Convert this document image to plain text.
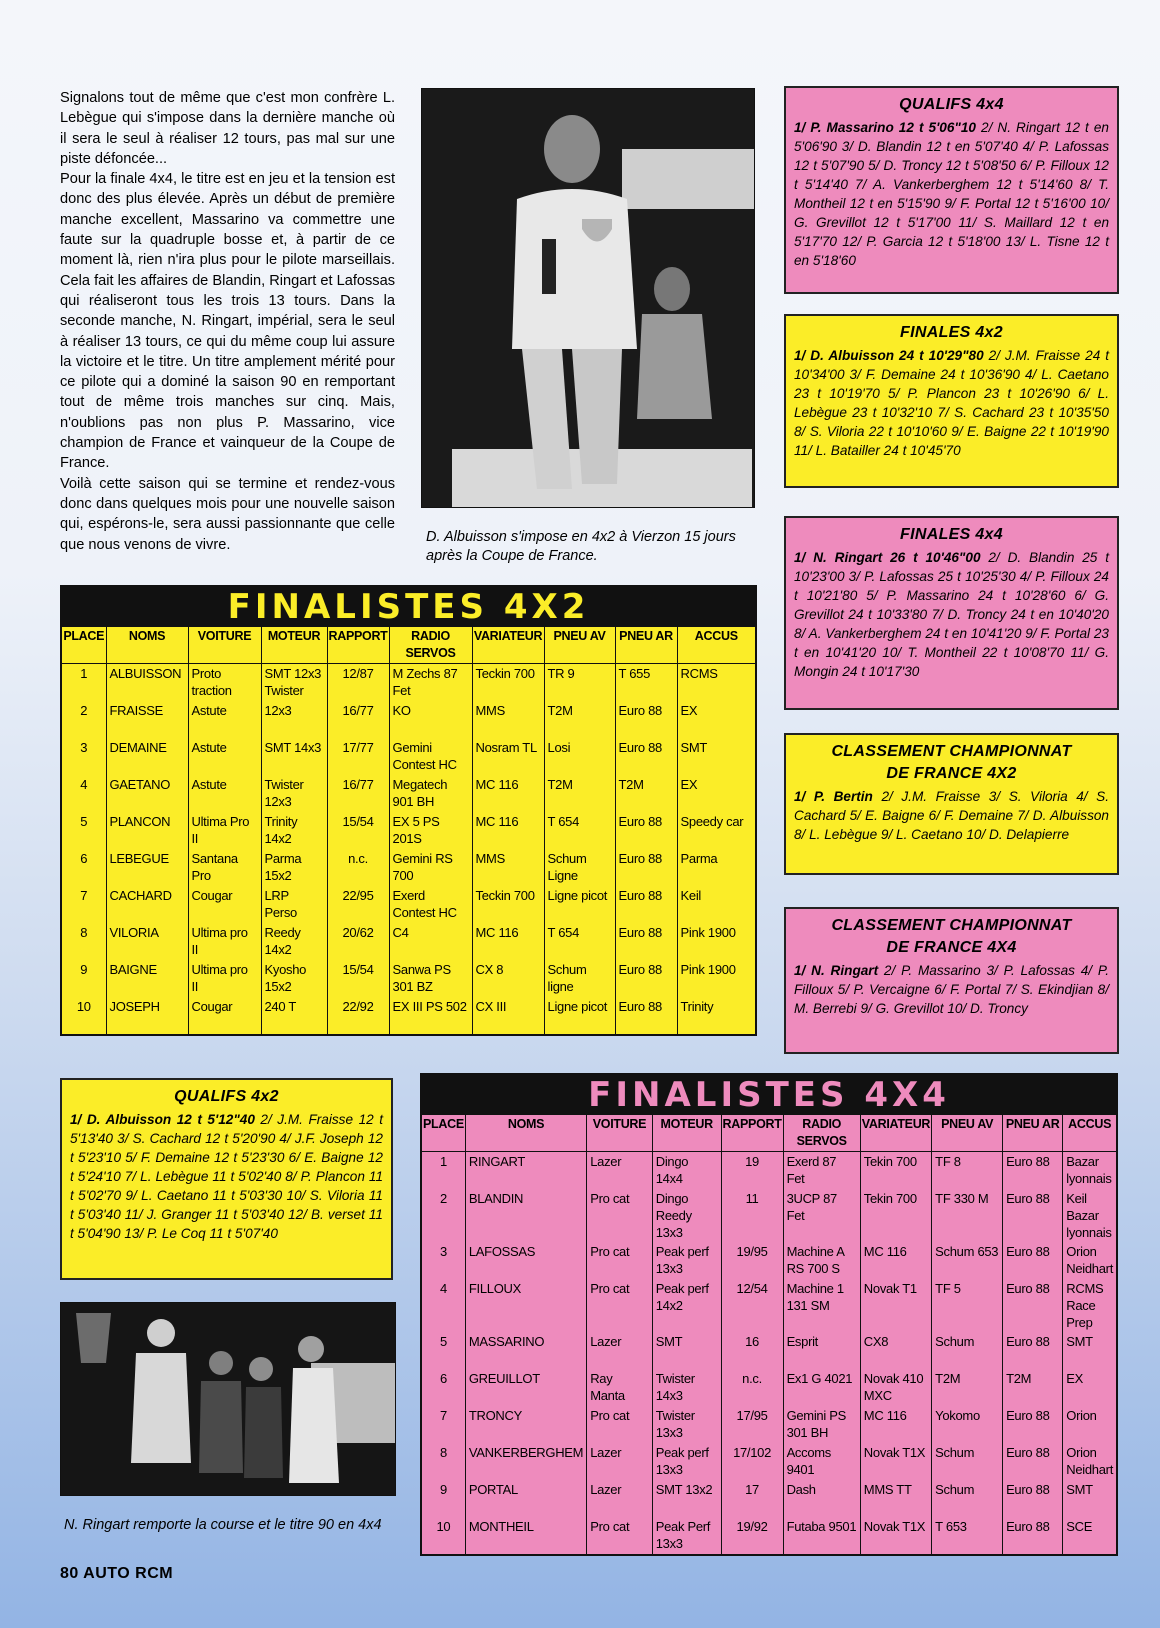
Signalons tout de même que c'est mon confrère L. Lebègue qui s'impose dans la dernière manche où il sera le seul à réaliser 12 tours, pas mal sur une piste défoncée...

Pour la finale 4x4, le titre est en jeu et la tension est donc des plus élevée. Après un début de première manche excellent, Massarino va commettre une faute sur la quadruple bosse et, à partir de ce moment là, rien n'ira plus pour le pilote marseillais. Cela fait les affaires de Blandin, Ringart et Lafossas qui réaliseront tous les trois 13 tours. Dans la seconde manche, N. Ringart, impérial, sera le seul à réaliser 13 tours, ce qui du même coup lui assure la victoire et le titre. Un titre amplement mérité pour ce pilote qui a dominé la saison 90 en remportant tout de même trois manches sur cinq. Mais, n'oublions pas non plus P. Massarino, vice champion de France et vainqueur de la Coupe de France.

Voilà cette saison qui se termine et rendez-vous donc dans quelques mois pour une nouvelle saison qui, espérons-le, sera aussi passionnante que celle que nous venons de vivre.	D. Albuisson s'impose en 4x2 à Vierzon 15 jours après la Coupe de France.
QUALIFS 4x4
1/ P. Massarino 12 t 5'06"10 2/ N. Ringart 12 t en 5'06'90 3/ D. Blandin 12 t en 5'07'40 4/ P. Lafossas 12 t 5'07'90 5/ D. Troncy 12 t 5'08'50 6/ P. Filloux 12 t 5'14'40 7/ A. Vankerberghem 12 t 5'14'60 8/ T. Montheil 12 t en 5'15'90 9/ F. Portal 12 t 5'16'00 10/ G. Grevillot 12 t 5'17'00 11/ S. Maillard 12 t en 5'17'70 12/ P. Garcia 12 t 5'18'00 13/ L. Tisne 12 t en 5'18'60
FINALES 4x2
1/ D. Albuisson 24 t 10'29"80 2/ J.M. Fraisse 24 t 10'34'00 3/ F. Demaine 24 t 10'36'90 4/ L. Caetano 23 t 10'19'70 5/ P. Plancon 23 t 10'26'90 6/ L. Lebègue 23 t 10'32'10 7/ S. Cachard 23 t 10'35'50 8/ S. Viloria 22 t 10'10'60 9/ E. Baigne 22 t 10'19'90 11/ L. Batailler 24 t 10'45'70
FINALES 4x4
1/ N. Ringart 26 t 10'46"00 2/ D. Blandin 25 t 10'23'00 3/ P. Lafossas 25 t 10'25'30 4/ P. Filloux 24 t 10'21'80 5/ P. Massarino 24 t 10'28'60 6/ G. Grevillot 24 t 10'33'80 7/ D. Troncy 24 t en 10'40'20 8/ A. Vankerberghem 24 t en 10'41'20 9/ F. Portal 23 t en 10'41'20 10/ T. Montheil 22 t 10'08'70 11/ G. Mongin 24 t 10'17'30
CLASSEMENT CHAMPIONNAT
DE FRANCE 4X2
1/ P. Bertin 2/ J.M. Fraisse 3/ S. Viloria 4/ S. Cachard 5/ E. Baigne 6/ F. Demaine 7/ D. Albuisson 8/ L. Lebègue 9/ L. Caetano 10/ D. Delapierre
CLASSEMENT CHAMPIONNAT
DE FRANCE 4X4
1/ N. Ringart 2/ P. Massarino 3/ P. Lafossas 4/ P. Filloux 5/ P. Vercaigne 6/ F. Portal 7/ S. Ekindjian 8/ M. Berrebi 9/ G. Grevillot 10/ D. Troncy
FINALISTES 4X2
PLACE	NOMS	VOITURE	MOTEUR	RAPPORT	RADIO SERVOS	VARIATEUR	PNEU AV	PNEU AR	ACCUS
1	ALBUISSON	Proto traction	SMT 12x3 Twister	12/87	M Zechs 87 Fet	Teckin 700	TR 9	T 655	RCMS
2	FRAISSE	Astute	12x3	16/77	KO	MMS	T2M	Euro 88	EX
3	DEMAINE	Astute	SMT 14x3	17/77	Gemini Contest HC	Nosram TL	Losi	Euro 88	SMT
4	GAETANO	Astute	Twister 12x3	16/77	Megatech 901 BH	MC 116	T2M	T2M	EX
5	PLANCON	Ultima Pro II	Trinity 14x2	15/54	EX 5 PS 201S	MC 116	T 654	Euro 88	Speedy car
6	LEBEGUE	Santana Pro	Parma 15x2	n.c.	Gemini RS 700	MMS	Schum Ligne	Euro 88	Parma
7	CACHARD	Cougar	LRP Perso	22/95	Exerd Contest HC	Teckin 700	Ligne picot	Euro 88	Keil
8	VILORIA	Ultima pro II	Reedy 14x2	20/62	C4	MC 116	T 654	Euro 88	Pink 1900
9	BAIGNE	Ultima pro II	Kyosho 15x2	15/54	Sanwa PS 301 BZ	CX 8	Schum ligne	Euro 88	Pink 1900
10	JOSEPH	Cougar	240 T	22/92	EX III PS 502	CX III	Ligne picot	Euro 88	Trinity
QUALIFS 4x2
1/ D. Albuisson 12 t 5'12"40 2/ J.M. Fraisse 12 t 5'13'40 3/ S. Cachard 12 t 5'20'90 4/ J.F. Joseph 12 t 5'23'10 5/ F. Demaine 12 t 5'23'30 6/ E. Baigne 12 t 5'24'10 7/ L. Lebègue 11 t 5'02'40 8/ P. Plancon 11 t 5'02'70 9/ L. Caetano 11 t 5'03'30 10/ S. Viloria 11 t 5'03'40 11/ J. Granger 11 t 5'03'40 12/ B. verset 11 t 5'04'90 13/ P. Le Coq 11 t 5'07'40
N. Ringart remporte la course et le titre 90 en 4x4
FINALISTES 4X4
PLACE	NOMS	VOITURE	MOTEUR	RAPPORT	RADIO SERVOS	VARIATEUR	PNEU AV	PNEU AR	ACCUS
1	RINGART	Lazer	Dingo 14x4	19	Exerd 87 Fet	Tekin 700	TF 8	Euro 88	Bazar lyonnais
2	BLANDIN	Pro cat	Dingo Reedy 13x3	11	3UCP 87 Fet	Tekin 700	TF 330 M	Euro 88	Keil Bazar lyonnais
3	LAFOSSAS	Pro cat	Peak perf 13x3	19/95	Machine A RS 700 S	MC 116	Schum 653	Euro 88	Orion Neidhart
4	FILLOUX	Pro cat	Peak perf 14x2	12/54	Machine 1 131 SM	Novak T1	TF 5	Euro 88	RCMS Race Prep
5	MASSARINO	Lazer	SMT	16	Esprit	CX8	Schum	Euro 88	SMT
6	GREUILLOT	Ray Manta	Twister 14x3	n.c.	Ex1 G 4021	Novak 410 MXC	T2M	T2M	EX
7	TRONCY	Pro cat	Twister 13x3	17/95	Gemini PS 301 BH	MC 116	Yokomo	Euro 88	Orion
8	VANKERBERGHEM	Lazer	Peak perf 13x3	17/102	Accoms 9401	Novak T1X	Schum	Euro 88	Orion Neidhart
9	PORTAL	Lazer	SMT 13x2	17	Dash	MMS TT	Schum	Euro 88	SMT
10	MONTHEIL	Pro cat	Peak Perf 13x3	19/92	Futaba 9501	Novak T1X	T 653	Euro 88	SCE
80 AUTO RCM
